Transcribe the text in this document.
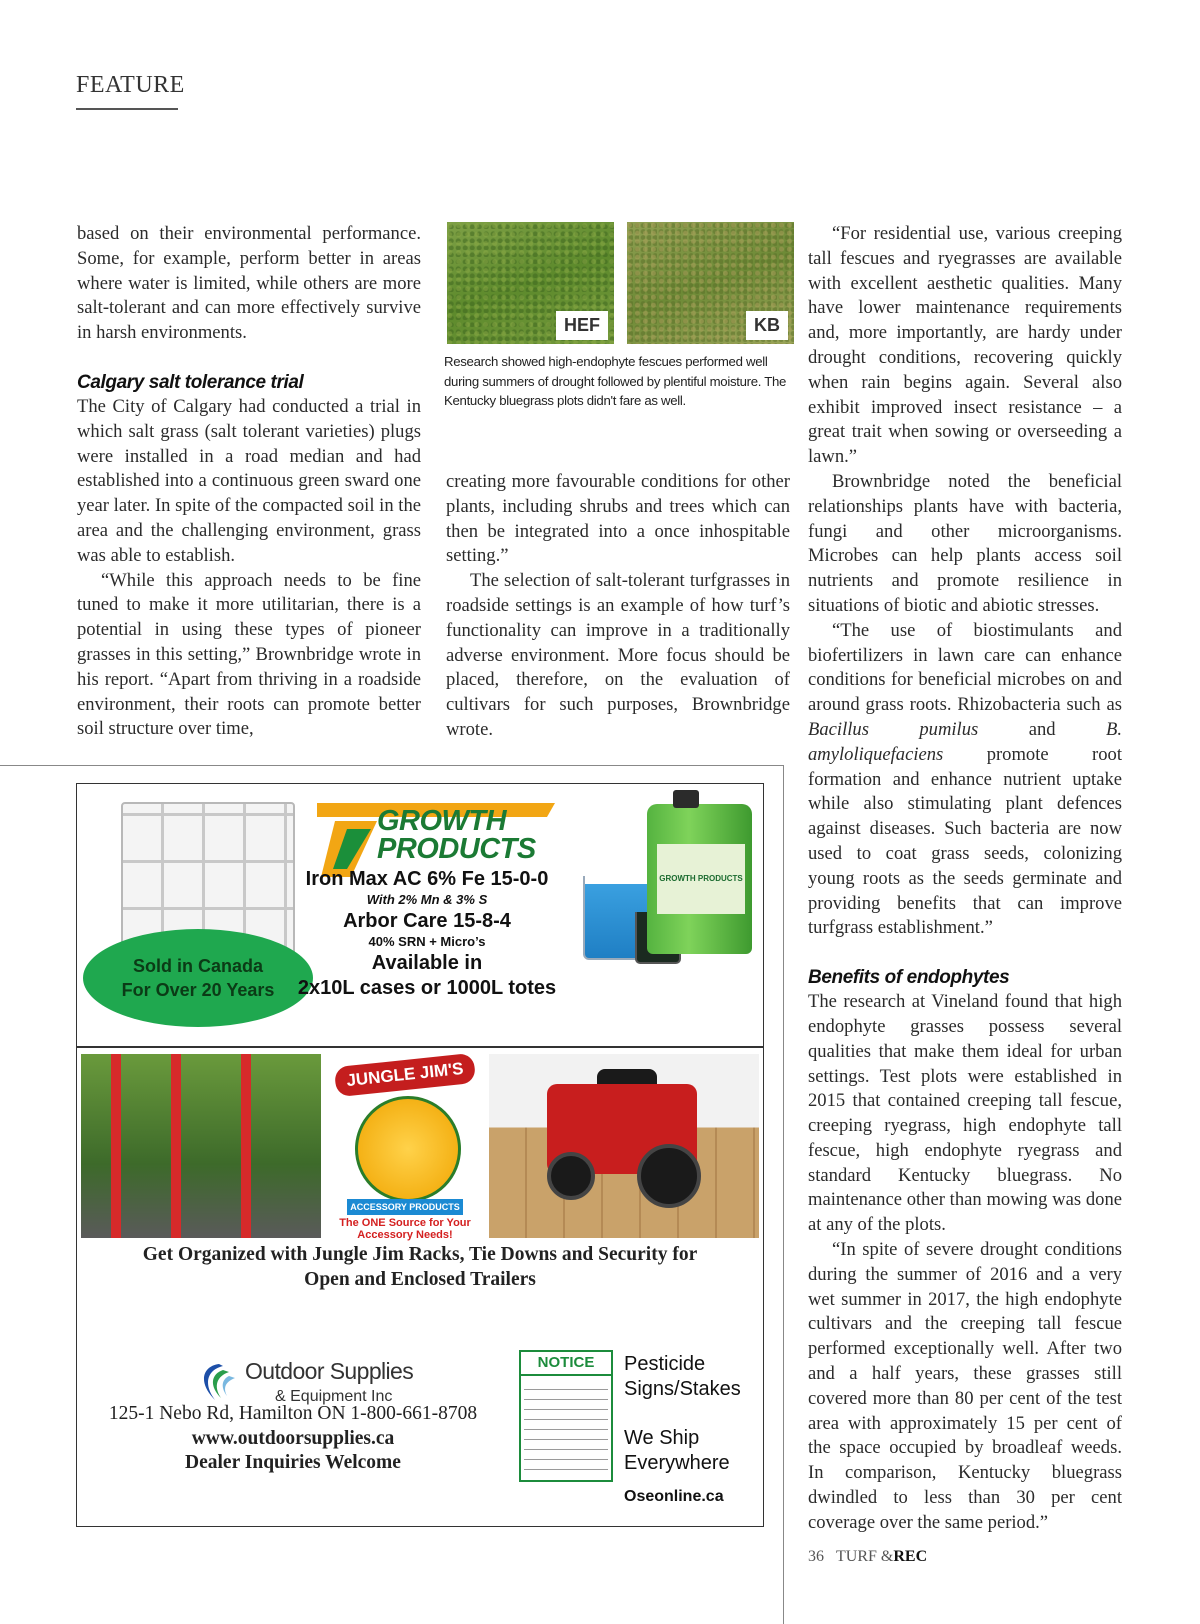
FEATURE

based on their environmental performance. Some, for example, perform better in areas where water is limited, while others are more salt-tolerant and can more effectively survive in harsh environments.

Calgary salt tolerance trial

The City of Calgary had conducted a trial in which salt grass (salt tolerant varieties) plugs were installed in a road median and had established into a continuous green sward one year later. In spite of the compacted soil in the area and the challenging environment, grass was able to establish.

“While this approach needs to be fine tuned to make it more utilitarian, there is a potential in using these types of pioneer grasses in this setting,” Brownbridge wrote in his report. “Apart from thriving in a roadside environment, their roots can promote better soil structure over time,

HEF	KB
Research showed high-endophyte fescues performed well during summers of drought followed by plentiful moisture. The Kentucky bluegrass plots didn't fare as well.

creating more favourable conditions for other plants, including shrubs and trees which can then be integrated into a once inhospitable setting.”

The selection of salt-tolerant turfgrasses in roadside settings is an example of how turf’s functionality can improve in a traditionally adverse environment. More focus should be placed, therefore, on the evaluation of cultivars for such purposes, Brownbridge wrote.

“For residential use, various creeping tall fescues and ryegrasses are available with excellent aesthetic qualities. Many have lower maintenance requirements and, more importantly, are hardy under drought conditions, recovering quickly when rain begins again. Several also exhibit improved insect resistance – a great trait when sowing or overseeding a lawn.”

Brownbridge noted the beneficial relationships plants have with bacteria, fungi and other microorganisms. Microbes can help plants access soil nutrients and promote resilience in situations of biotic and abiotic stresses.

“The use of biostimulants and biofertilizers in lawn care can enhance conditions for beneficial microbes on and around grass roots. Rhizobacteria such as Bacillus pumilus and B. amyloliquefaciens promote root formation and enhance nutrient uptake while also stimulating plant defences against diseases. Such bacteria are now used to coat grass seeds, colonizing young roots as the seeds germinate and providing benefits that can improve turfgrass establishment.”

Benefits of endophytes

The research at Vineland found that high endophyte grasses possess several qualities that make them ideal for urban settings. Test plots were established in 2015 that contained creeping tall fescue, creeping ryegrass, high endophyte tall fescue, high endophyte ryegrass and standard Kentucky bluegrass. No maintenance other than mowing was done at any of the plots.

“In spite of severe drought conditions during the summer of 2016 and a very wet summer in 2017, the high endophyte cultivars and the creeping tall fescue performed exceptionally well. After two and a half years, these grasses still covered more than 80 per cent of the test area with approximately 15 per cent of the space occupied by broadleaf weeds. In comparison, Kentucky bluegrass dwindled to less than 30 per cent coverage over the same period.”

36 TURF &REC
Sold in Canada
For Over 20 Years
GROWTH
PRODUCTS
Iron Max AC 6% Fe 15-0-0
With 2% Mn & 3% S
Arbor Care 15-8-4
40% SRN + Micro’s
Available in
2x10L cases or 1000L totes
GROWTH PRODUCTS
JUNGLE JIM'S
ACCESSORY PRODUCTS
The ONE Source for Your Accessory Needs!
Get Organized with Jungle Jim Racks, Tie Downs and Security for
Open and Enclosed Trailers
Outdoor Supplies
& Equipment Inc
125-1 Nebo Rd, Hamilton ON 1-800-661-8708
www.outdoorsupplies.ca
Dealer Inquiries Welcome
NOTICE	Pesticide
Signs/Stakes
We Ship
Everywhere
Oseonline.ca
